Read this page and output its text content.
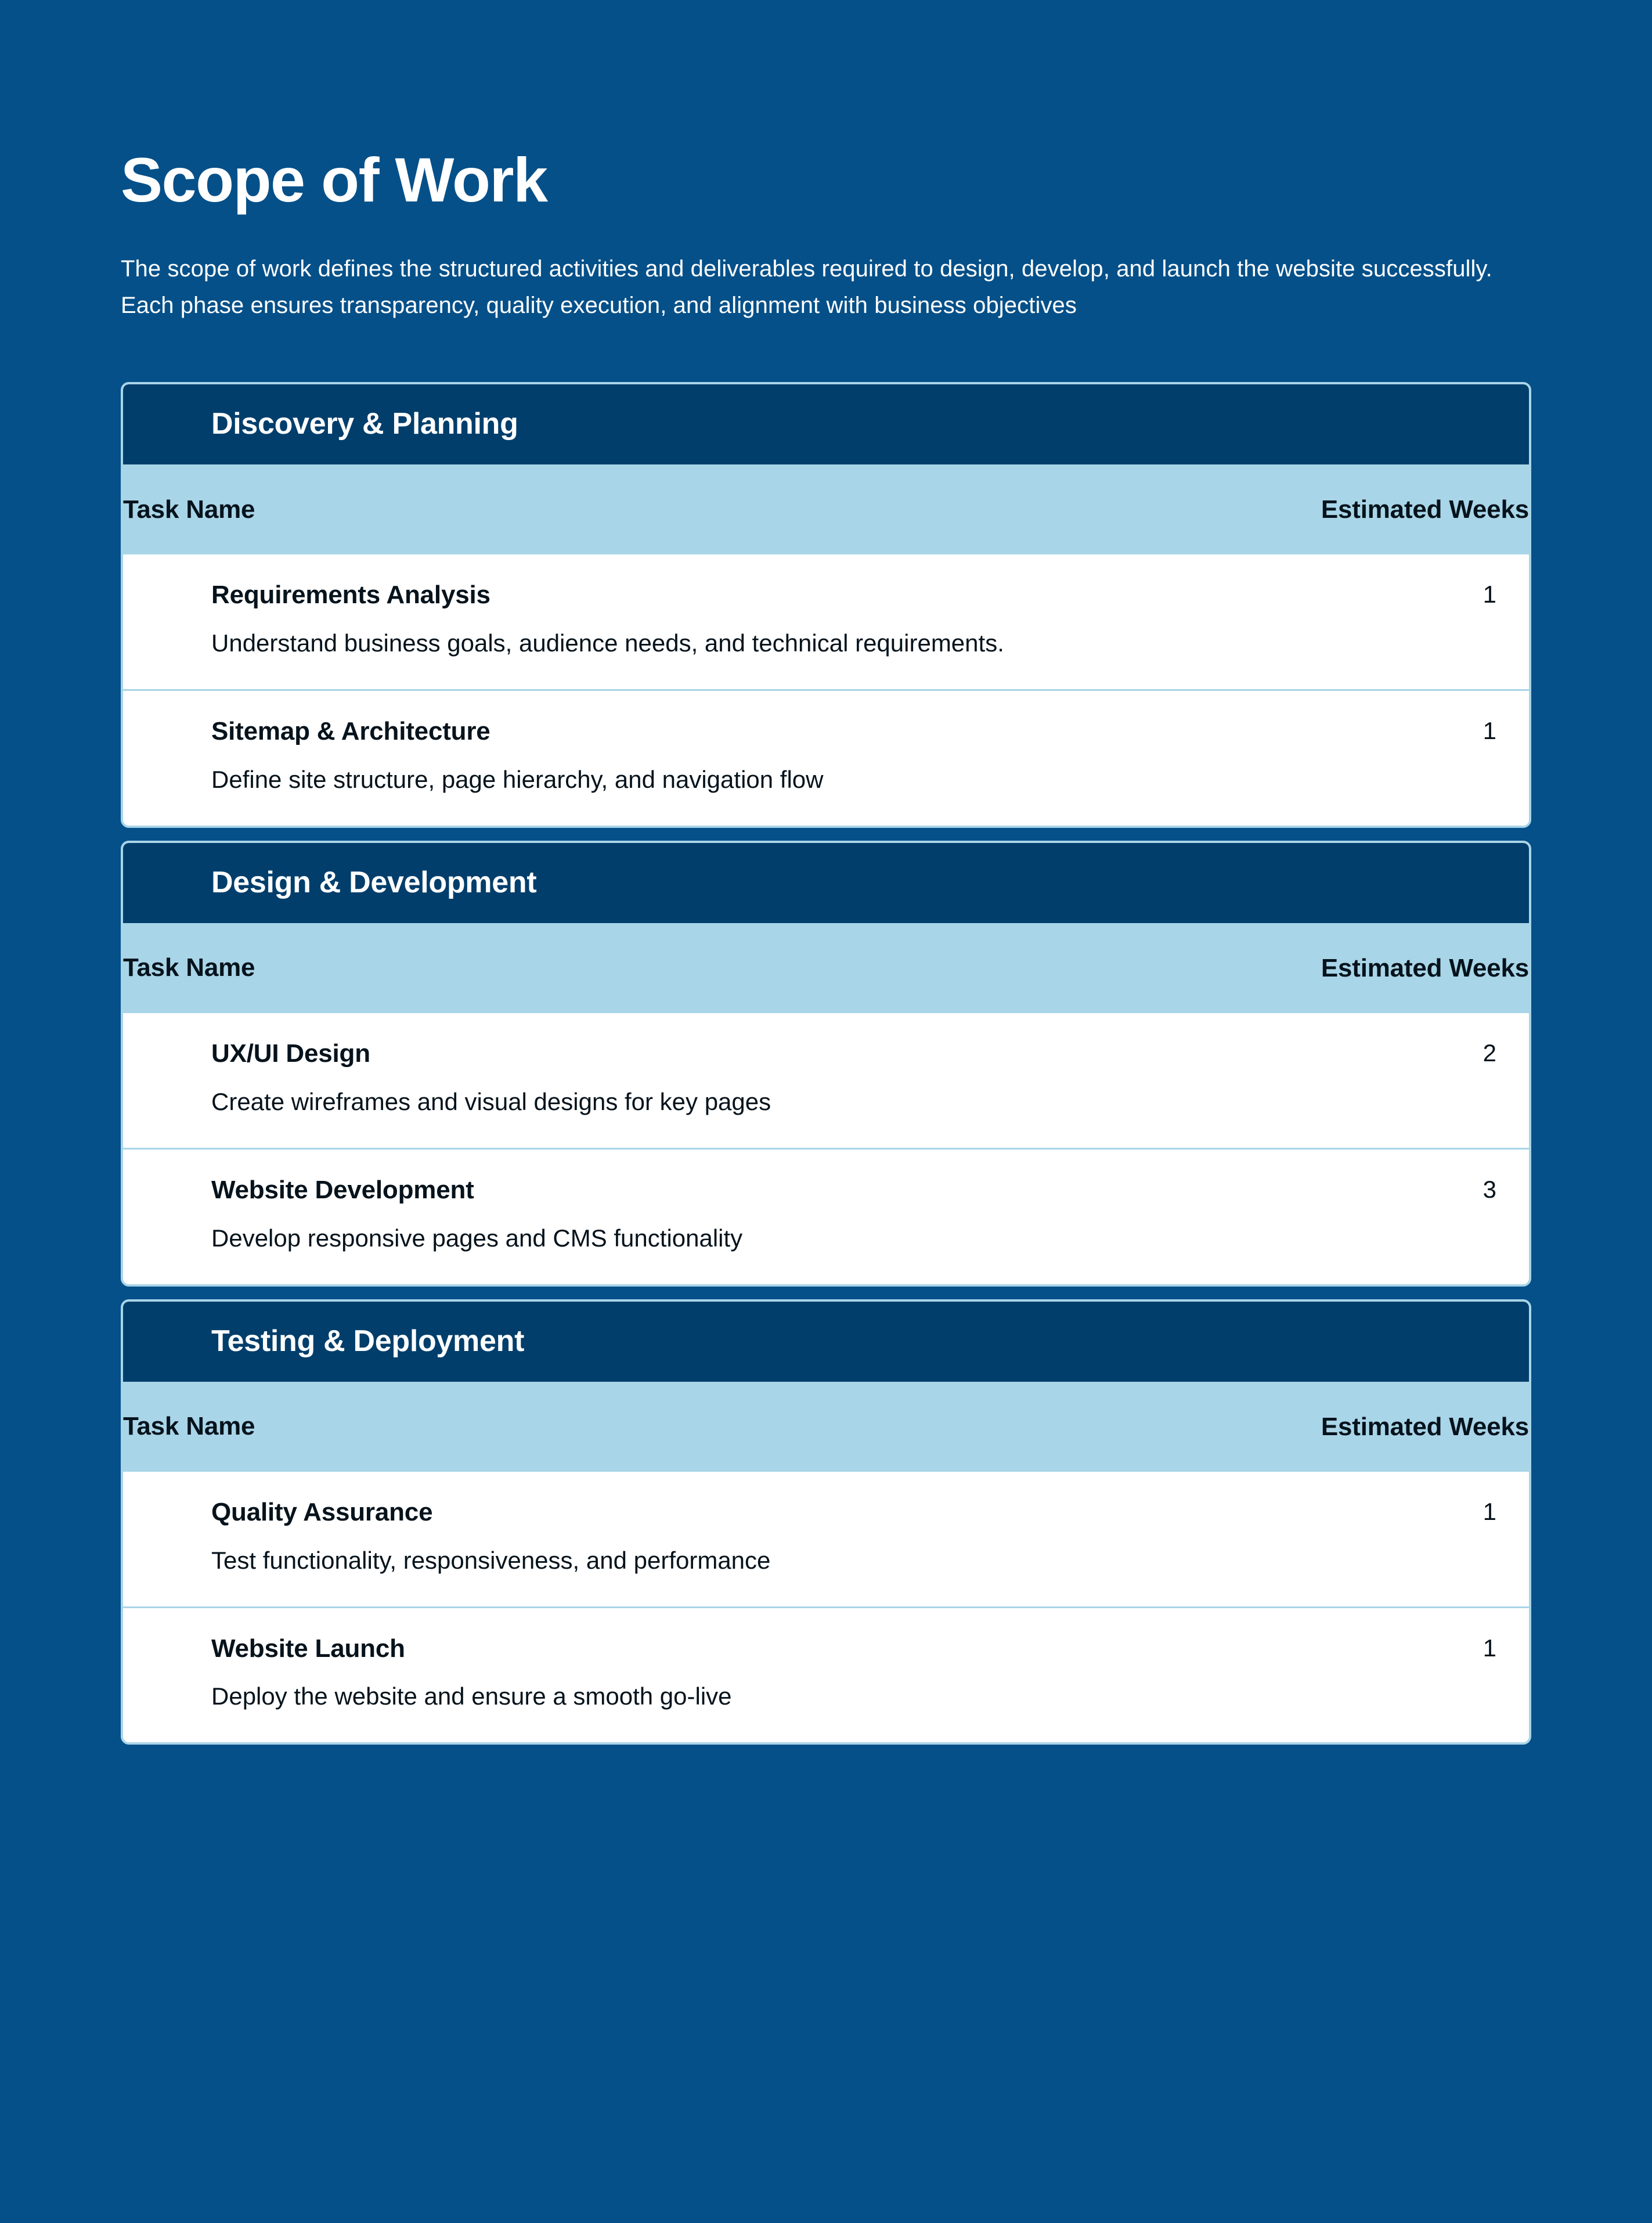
Scope of Work

The scope of work defines the structured activities and deliverables required to design, develop, and launch the website successfully. Each phase ensures transparency, quality execution, and alignment with business objectives

Discovery & Planning
Task Name	Estimated Weeks

Requirements Analysis
Understand business goals, audience needs, and technical requirements.	1

Sitemap & Architecture
Define site structure, page hierarchy, and navigation flow	1
Design & Development
Task Name	Estimated Weeks

UX/UI Design
Create wireframes and visual designs for key pages	2

Website Development
Develop responsive pages and CMS functionality	3
Testing & Deployment
Task Name	Estimated Weeks

Quality Assurance
Test functionality, responsiveness, and performance	1

Website Launch
Deploy the website and ensure a smooth go-live	1
